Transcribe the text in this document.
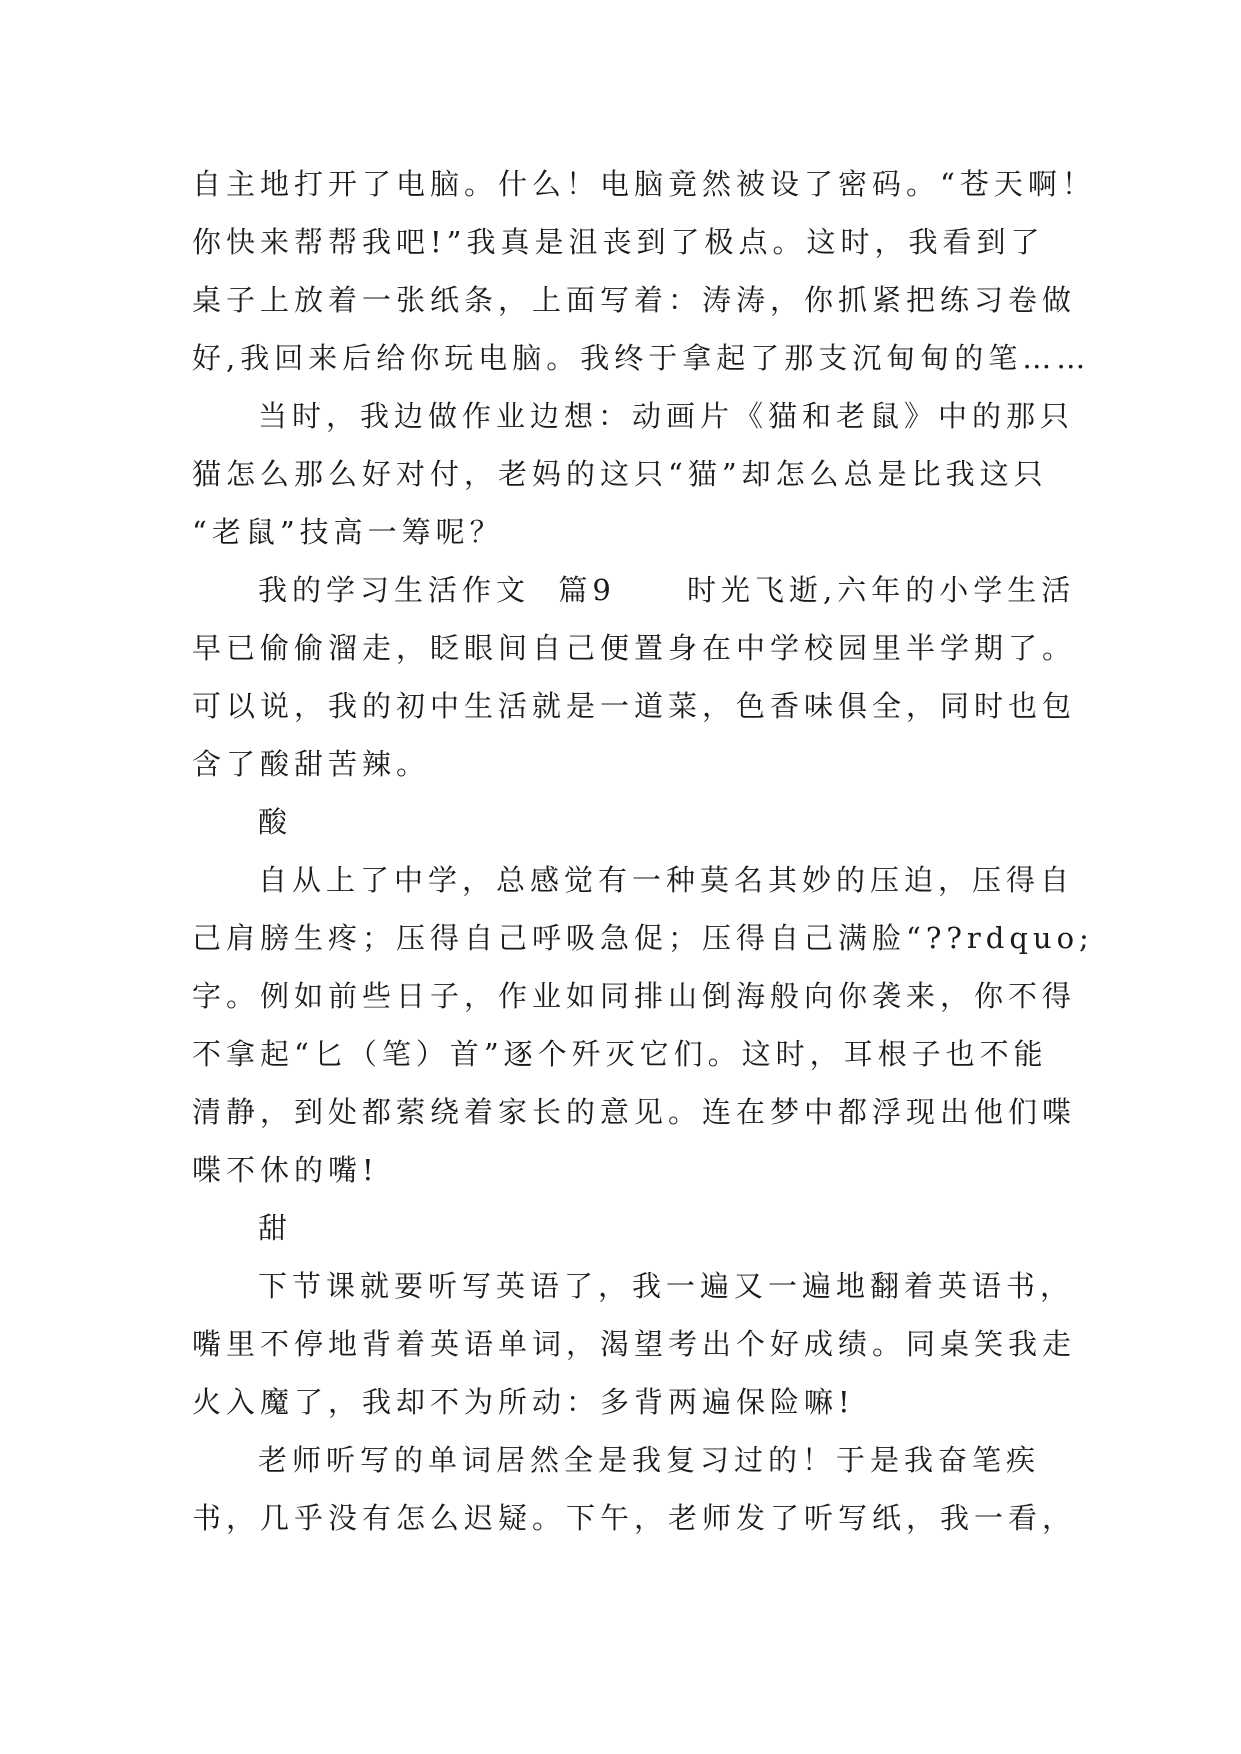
自主地打开了电脑。什么！电脑竟然被设了密码。“苍天啊！
你快来帮帮我吧!”我真是沮丧到了极点。这时，我看到了
桌子上放着一张纸条，上面写着：涛涛，你抓紧把练习卷做
好,我回来后给你玩电脑。我终于拿起了那支沉甸甸的笔……
当时，我边做作业边想：动画片《猫和老鼠》中的那只
猫怎么那么好对付，老妈的这只“猫”却怎么总是比我这只
“老鼠”技高一筹呢？
我的学习生活作文  篇9     时光飞逝,六年的小学生活
早已偷偷溜走，眨眼间自己便置身在中学校园里半学期了。
可以说，我的初中生活就是一道菜，色香味俱全，同时也包
含了酸甜苦辣。
酸
自从上了中学，总感觉有一种莫名其妙的压迫，压得自
己肩膀生疼；压得自己呼吸急促；压得自己满脸“??rdquo;
字。例如前些日子，作业如同排山倒海般向你袭来，你不得
不拿起“匕（笔）首”逐个歼灭它们。这时，耳根子也不能
清静，到处都萦绕着家长的意见。连在梦中都浮现出他们喋
喋不休的嘴!
甜
下节课就要听写英语了，我一遍又一遍地翻着英语书，
嘴里不停地背着英语单词，渴望考出个好成绩。同桌笑我走
火入魔了，我却不为所动：多背两遍保险嘛!
老师听写的单词居然全是我复习过的！于是我奋笔疾
书，几乎没有怎么迟疑。下午，老师发了听写纸，我一看，
